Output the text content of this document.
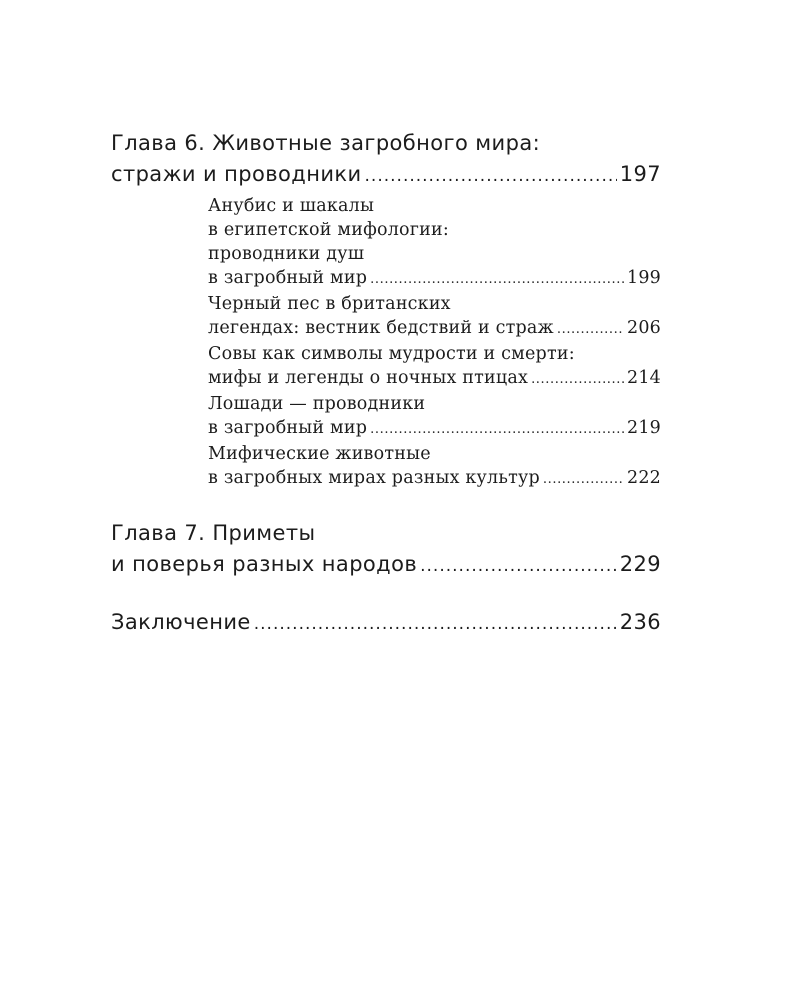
Глава 6. Животные загробного мира:
стражи и проводники .....	197
Анубис и шакалы
в египетской мифологии:
проводники душ
в загробный мир .....	199
Черный пес в британских
легендах: вестник бедствий и страж .....	206
Совы как символы мудрости и смерти:
мифы и легенды о ночных птицах .....	214
Лошади — проводники
в загробный мир .....	219
Мифические животные
в загробных мирах разных культур .....	222
Глава 7. Приметы
и поверья разных народов .....	229
Заключение .....	236
